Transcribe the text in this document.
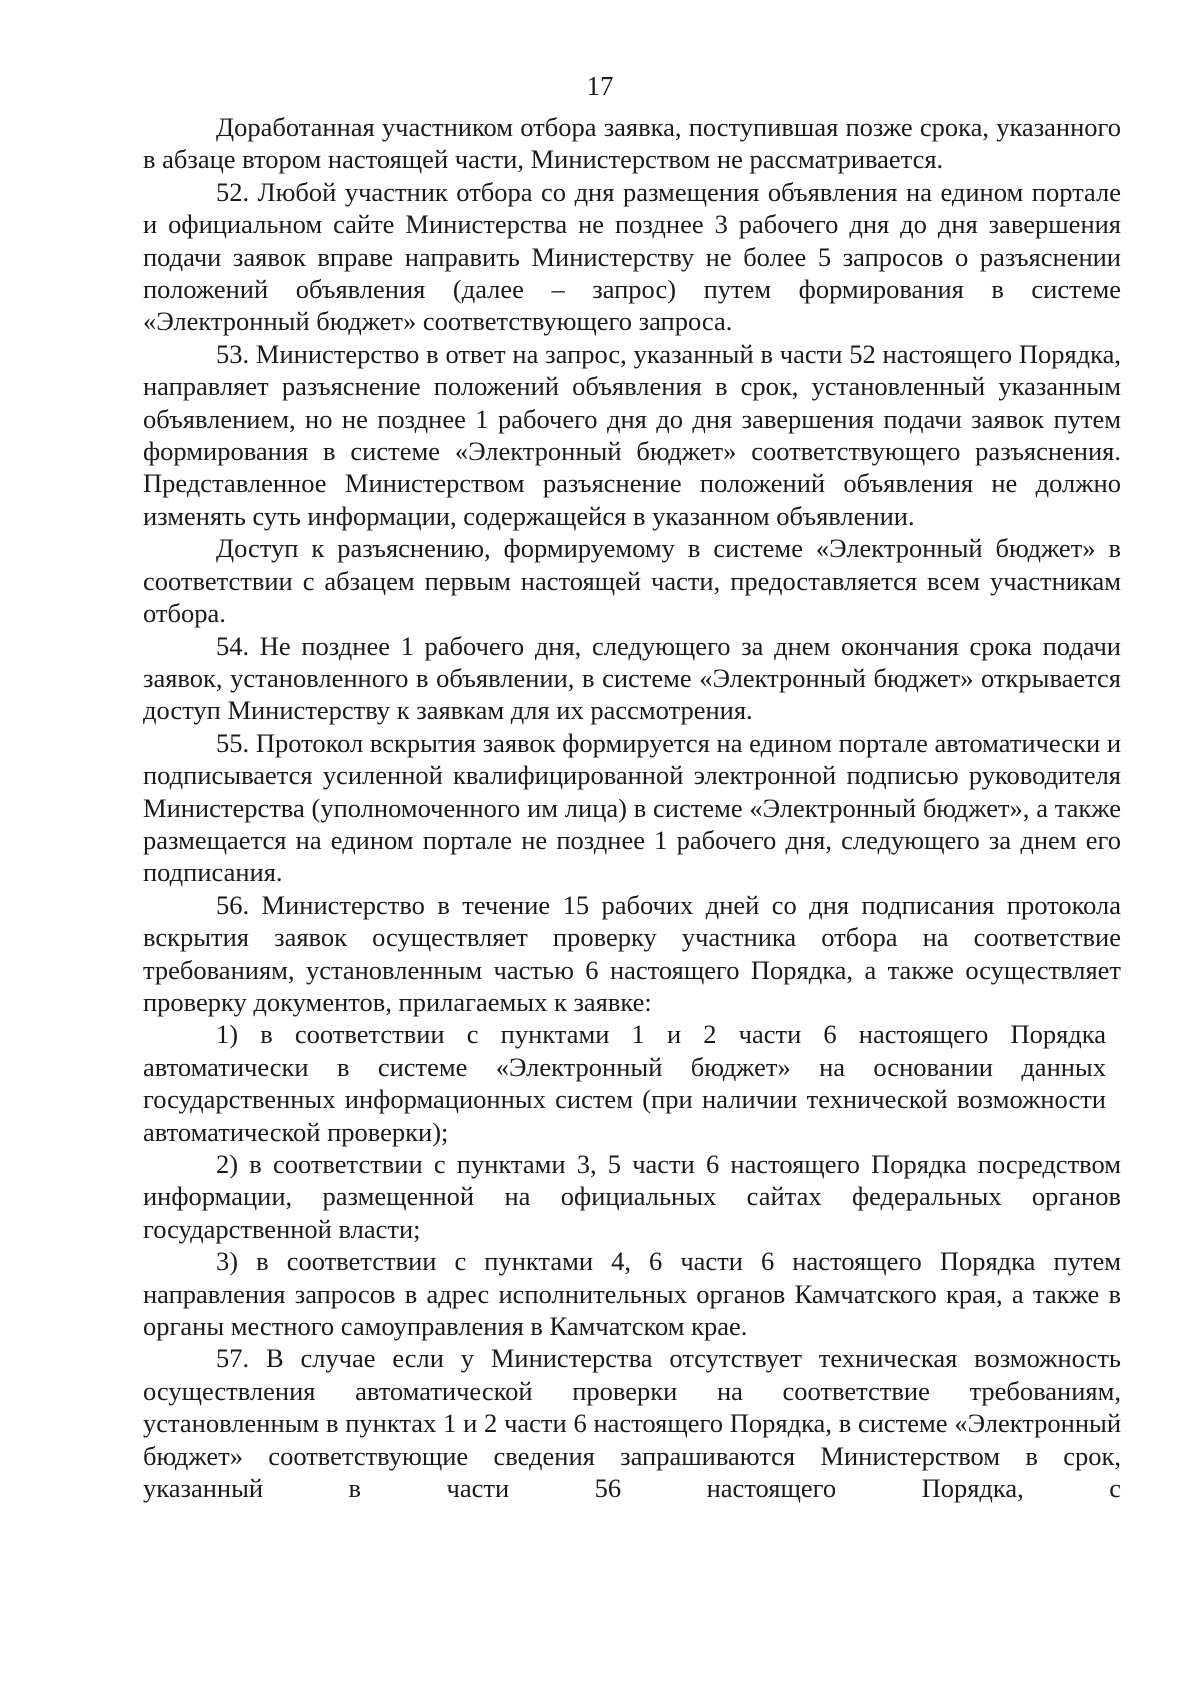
17

Доработанная участником отбора заявка, поступившая позже срока, указанного в абзаце втором настоящей части, Министерством не рассматривается.

52. Любой участник отбора со дня размещения объявления на едином портале и официальном сайте Министерства не позднее 3 рабочего дня до дня завершения подачи заявок вправе направить Министерству не более 5 запросов о разъяснении положений объявления (далее – запрос) путем формирования в системе «Электронный бюджет» соответствующего запроса.

53. Министерство в ответ на запрос, указанный в части 52 настоящего Порядка, направляет разъяснение положений объявления в срок, установленный указанным объявлением, но не позднее 1 рабочего дня до дня завершения подачи заявок путем формирования в системе «Электронный бюджет» соответствующего разъяснения. Представленное Министерством разъяснение положений объявления не должно изменять суть информации, содержащейся в указанном объявлении.

Доступ к разъяснению, формируемому в системе «Электронный бюджет» в соответствии с абзацем первым настоящей части, предоставляется всем участникам отбора.

54. Не позднее 1 рабочего дня, следующего за днем окончания срока подачи заявок, установленного в объявлении, в системе «Электронный бюджет» открывается доступ Министерству к заявкам для их рассмотрения.

55. Протокол вскрытия заявок формируется на едином портале автоматически и подписывается усиленной квалифицированной электронной подписью руководителя Министерства (уполномоченного им лица) в системе «Электронный бюджет», а также размещается на едином портале не позднее 1 рабочего дня, следующего за днем его подписания.

56. Министерство в течение 15 рабочих дней со дня подписания протокола вскрытия заявок осуществляет проверку участника отбора на соответствие требованиям, установленным частью 6 настоящего Порядка, а также осуществляет проверку документов, прилагаемых к заявке:

1) в соответствии с пунктами 1 и 2 части 6 настоящего Порядка автоматически в системе «Электронный бюджет» на основании данных государственных информационных систем (при наличии технической возможности автоматической проверки);

2) в соответствии с пунктами 3, 5 части 6 настоящего Порядка посредством информации, размещенной на официальных сайтах федеральных органов государственной власти;

3) в соответствии с пунктами 4, 6 части 6 настоящего Порядка путем направления запросов в адрес исполнительных органов Камчатского края, а также в органы местного самоуправления в Камчатском крае.

57. В случае если у Министерства отсутствует техническая возможность осуществления автоматической проверки на соответствие требованиям, установленным в пунктах 1 и 2 части 6 настоящего Порядка, в системе «Электронный бюджет» соответствующие сведения запрашиваются Министерством в срок, указанный в части 56 настоящего Порядка, с
